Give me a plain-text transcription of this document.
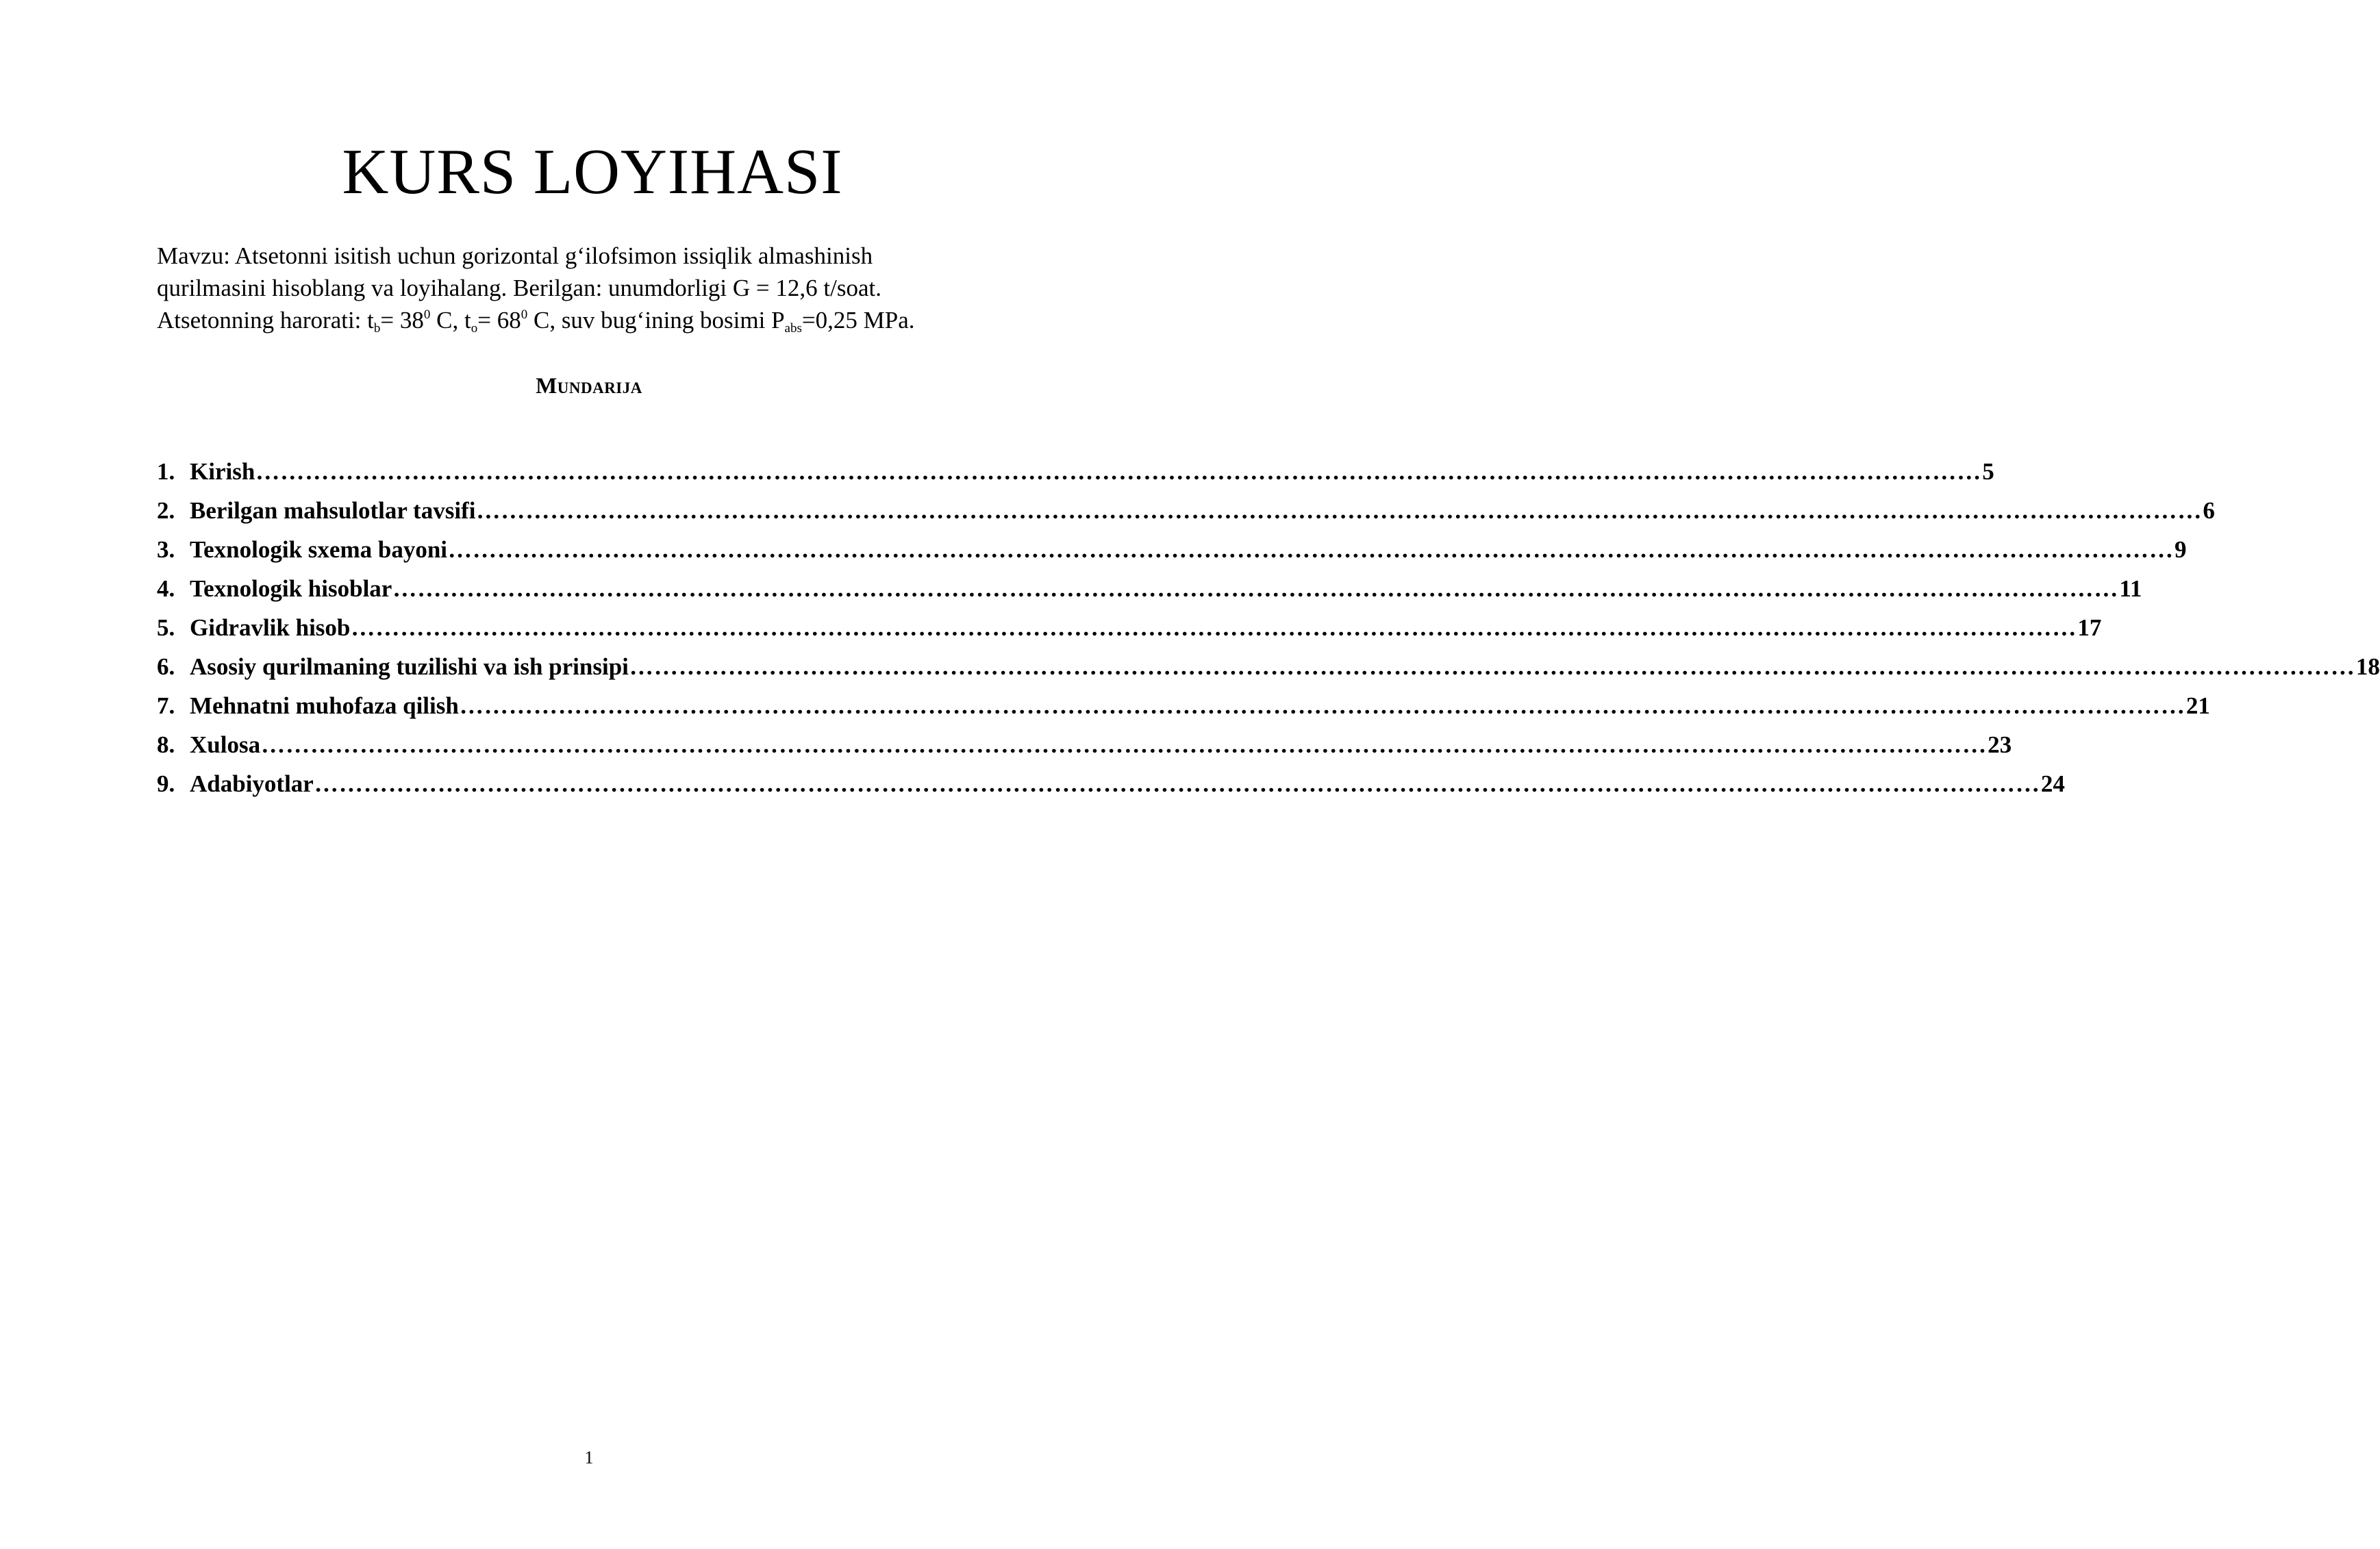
KURS LOYIHASI
Mavzu: Atsetonni isitish uchun gorizontal g‘ilofsimon issiqlik almashinish
qurilmasini hisoblang va loyihalang. Berilgan: unumdorligi G = 12,6 t/soat.
Atsetonning harorati: $t_b= 38^0$ C, $t_o= 68^0$ C, suv bug‘ining bosimi $P_{abs}=0,25$ MPa.
Mundarija
1. Kirish ………………………………………………………………………………………………………………………………………………………………………………………… 5
2. Berilgan mahsulotlar tavsifi ………………………………………………………………………………………………………………………………………………………………………………………… 6
3. Texnologik sxema bayoni ………………………………………………………………………………………………………………………………………………………………………………………… 9
4. Texnologik hisoblar ………………………………………………………………………………………………………………………………………………………………………………………… 11
5. Gidravlik hisob ………………………………………………………………………………………………………………………………………………………………………………………… 17
6. Asosiy qurilmaning tuzilishi va ish prinsipi ………………………………………………………………………………………………………………………………………………………………………………………… 18
7. Mehnatni muhofaza qilish ………………………………………………………………………………………………………………………………………………………………………………………… 21
8. Xulosa ………………………………………………………………………………………………………………………………………………………………………………………… 23
9. Adabiyotlar ………………………………………………………………………………………………………………………………………………………………………………………… 24
1
